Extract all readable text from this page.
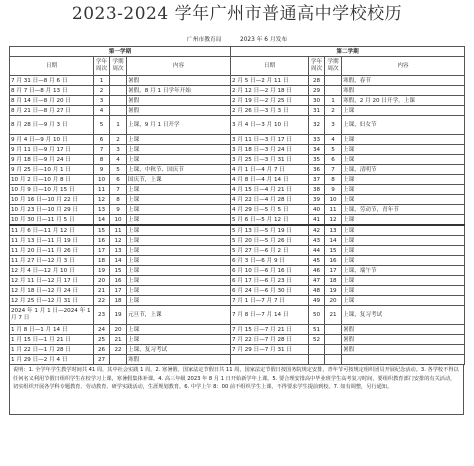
2023-2024 学年广州市普通高中学校校历
广州市教育局 2023 年 6 月发布							
第一学期				第二学期			
日期	学年周次	学期周次	内容	日期	学年周次	学期周次	内容
7 月 31 日—8 月 6 日	1		暑假	2 月 5 日—2 月 11 日	28		寒假，春节
8 月 7 日—8 月 13 日	2		暑假，8 月 1 日学年开始	2 月 12 日—2 月 18 日	29		寒假
8 月 14 日—8 月 20 日	3		暑假	2 月 19 日—2 月 25 日	30	1	寒假，2 月 20 日开学，上课
8 月 21 日—8 月 27 日	4		暑假	2 月 26 日—3 月 3 日	31	2	上课
8 月 28 日—9 月 3 日	5	1	上课，9 月 1 日开学	3 月 4 日—3 月 10 日	32	3	上课，妇女节
9 月 4 日—9 月 10 日	6	2	上课	3 月 11 日—3 月 17 日	33	4	上课
9 月 11 日—9 月 17 日	7	3	上课	3 月 18 日—3 月 24 日	34	5	上课
9 月 18 日—9 月 24 日	8	4	上课	3 月 25 日—3 月 31 日	35	6	上课
9 月 25 日—10 月 1 日	9	5	上课，中秋节、国庆节	4 月 1 日—4 月 7 日	36	7	上课，清明节
10 月 2 日—10 月 8 日	10	6	国庆节，上课	4 月 8 日—4 月 14 日	37	8	上课
10 月 9 日—10 月 15 日	11	7	上课	4 月 15 日—4 月 21 日	38	9	上课
10 月 16 日—10 月 22 日	12	8	上课	4 月 22 日—4 月 28 日	39	10	上课
10 月 23 日—10 月 29 日	13	9	上课	4 月 29 日—5 月 5 日	40	11	上课，劳动节，青年节
10 月 30 日—11 月 5 日	14	10	上课	5 月 6 日—5 月 12 日	41	12	上课
11 月 6 日—11 月 12 日	15	11	上课	5 月 13 日—5 月 19 日	42	13	上课
11 月 13 日—11 月 19 日	16	12	上课	5 月 20 日—5 月 26 日	43	14	上课
11 月 20 日—11 月 26 日	17	13	上课	5 月 27 日—6 月 2 日	44	15	上课
11 月 27 日—12 月 3 日	18	14	上课	6 月 3 日—6 月 9 日	45	16	上课
12 月 4 日—12 月 10 日	19	15	上课	6 月 10 日—6 月 16 日	46	17	上课，端午节
12 月 11 日—12 月 17 日	20	16	上课	6 月 17 日—6 月 23 日	47	18	上课
12 月 18 日—12 月 24 日	21	17	上课	6 月 24 日—6 月 30 日	48	19	上课
12 月 25 日—12 月 31 日	22	18	上课	7 月 1 日—7 月 7 日	49	20	上课
2024 年 1 月 1 日—2024 年 1 月 7 日	23	19	元旦节，上课	7 月 8 日—7 月 14 日	50	21	上课，复习考试
1 月 8 日—1 月 14 日	24	20	上课	7 月 15 日—7 月 21 日	51		暑假
1 月 15 日—1 月 21 日	25	21	上课	7 月 22 日—7 月 28 日	52		暑假
1 月 22 日—1 月 28 日	26	22	上课，复习考试	7 月 29 日—7 月 31 日			暑假
1 月 29 日—2 月 4 日	27		寒假				
说明：1. 全学年学生教学时间共 41 周，其中社会实践 1 周。2. 寒暑假、国家法定节假日共 11 周，国家法定节假日按国务院规定安排，青年节可按规定组织团员开展纪念活动。3. 各学校不得以任何名义利用节假日组织学生在校学习上课，寒暑假集体补课。4. 高三年级 2023 年 8 月 1 日开始新学年上课。5. 要合理安排高中毕业班学生高考复习时间，要组织教育部门安排的有关活动，切实组织开展各学科专题教育、劳动教育、研学实践活动，生涯规划教育。6. 中学上午 8：00 前不组织学生上课，不得要求学生提前到校。7. 如有调整，另行通知。
